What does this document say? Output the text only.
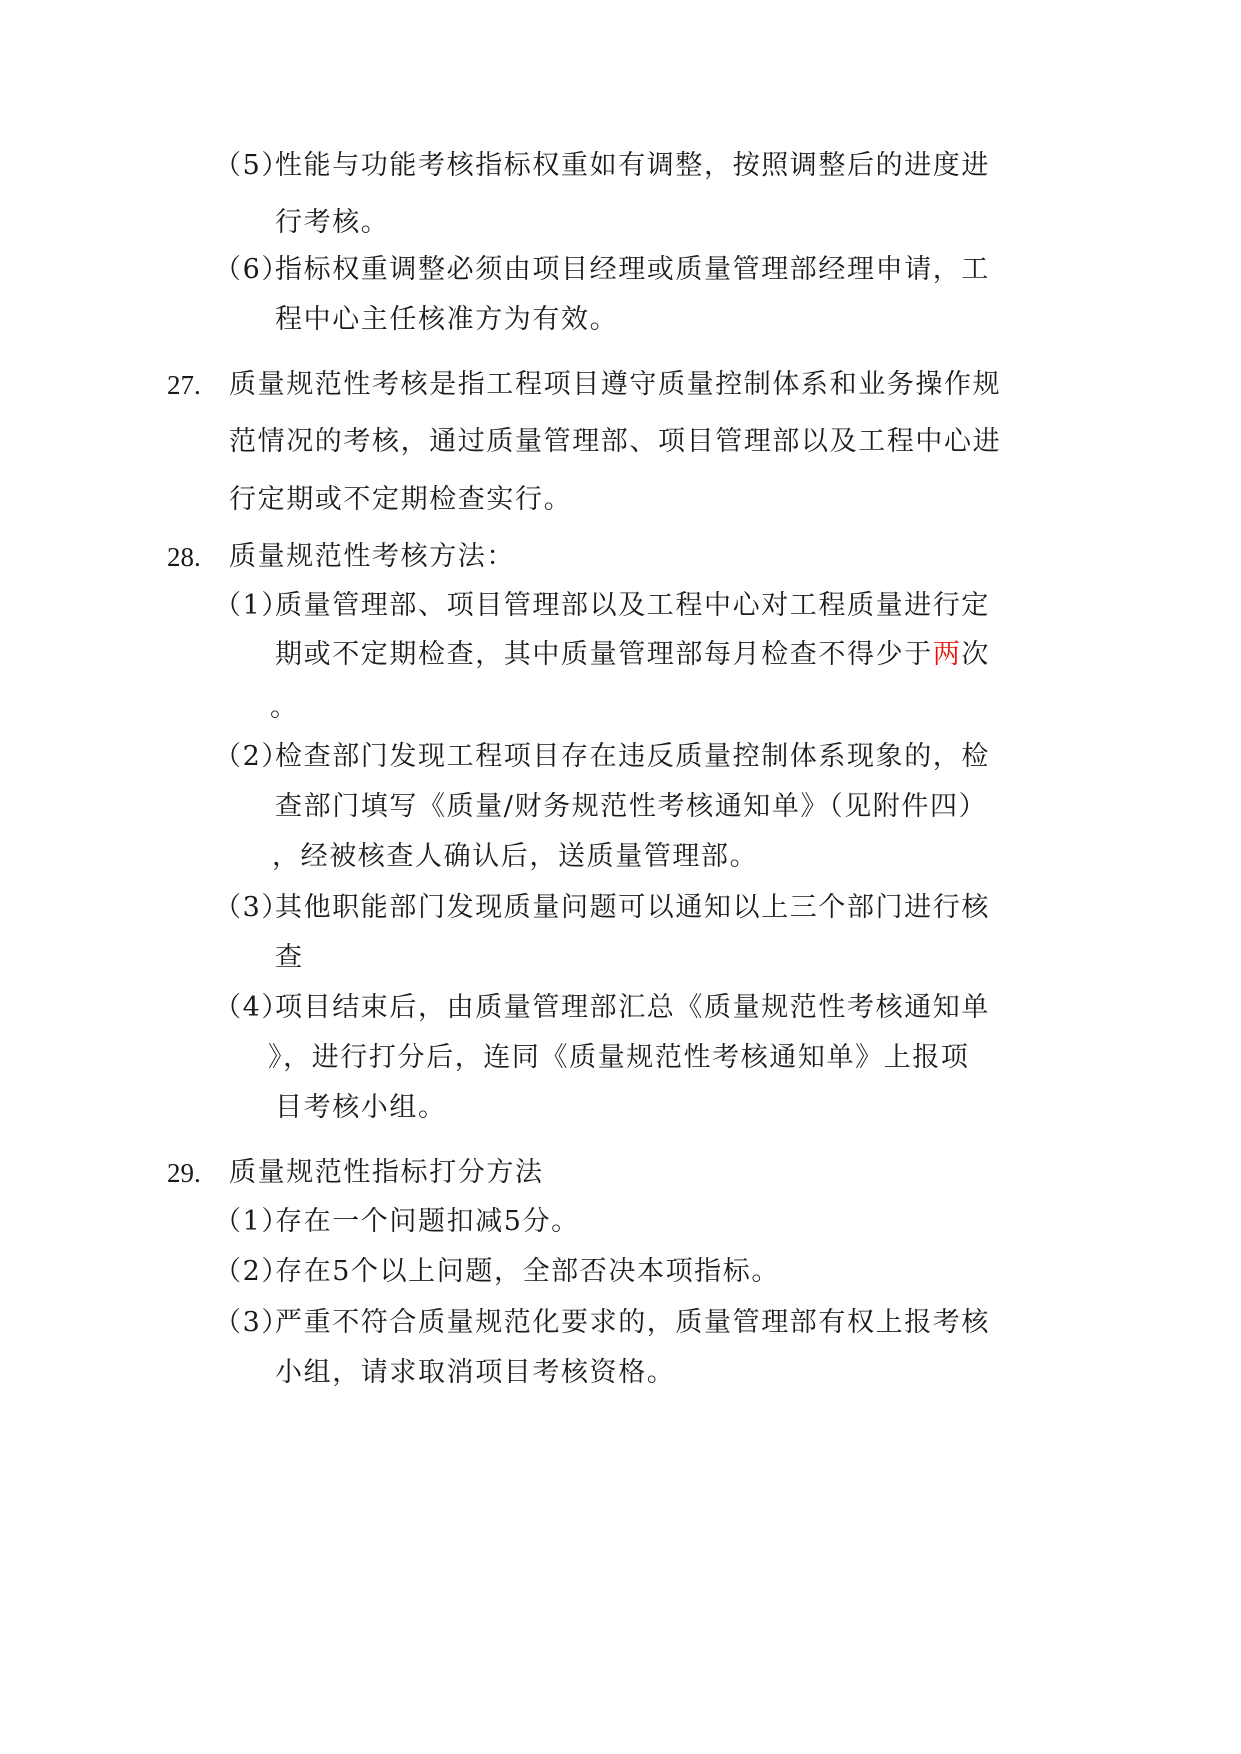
（5）
性能与功能考核指标权重如有调整，按照调整后的进度进
行考核。
（6）
指标权重调整必须由项目经理或质量管理部经理申请，工
程中心主任核准方为有效。
27. 质量规范性考核是指工程项目遵守质量控制体系和业务操作规
范情况的考核，通过质量管理部、项目管理部以及工程中心进
行定期或不定期检查实行。
28. 质量规范性考核方法：
（1）
质量管理部、项目管理部以及工程中心对工程质量进行定
期或不定期检查，其中质量管理部每月检查不得少于两次
。
（2）
检查部门发现工程项目存在违反质量控制体系现象的，检
查部门填写《质量/财务规范性考核通知单》（见附件四）
，经被核查人确认后，送质量管理部。
（3）
其他职能部门发现质量问题可以通知以上三个部门进行核
查
（4）
项目结束后，由质量管理部汇总《质量规范性考核通知单
》，进行打分后，连同《质量规范性考核通知单》上报项
目考核小组。
29. 质量规范性指标打分方法
（1）
存在一个问题扣减5分。
（2）
存在5个以上问题，全部否决本项指标。
（3）
严重不符合质量规范化要求的，质量管理部有权上报考核
小组，请求取消项目考核资格。
